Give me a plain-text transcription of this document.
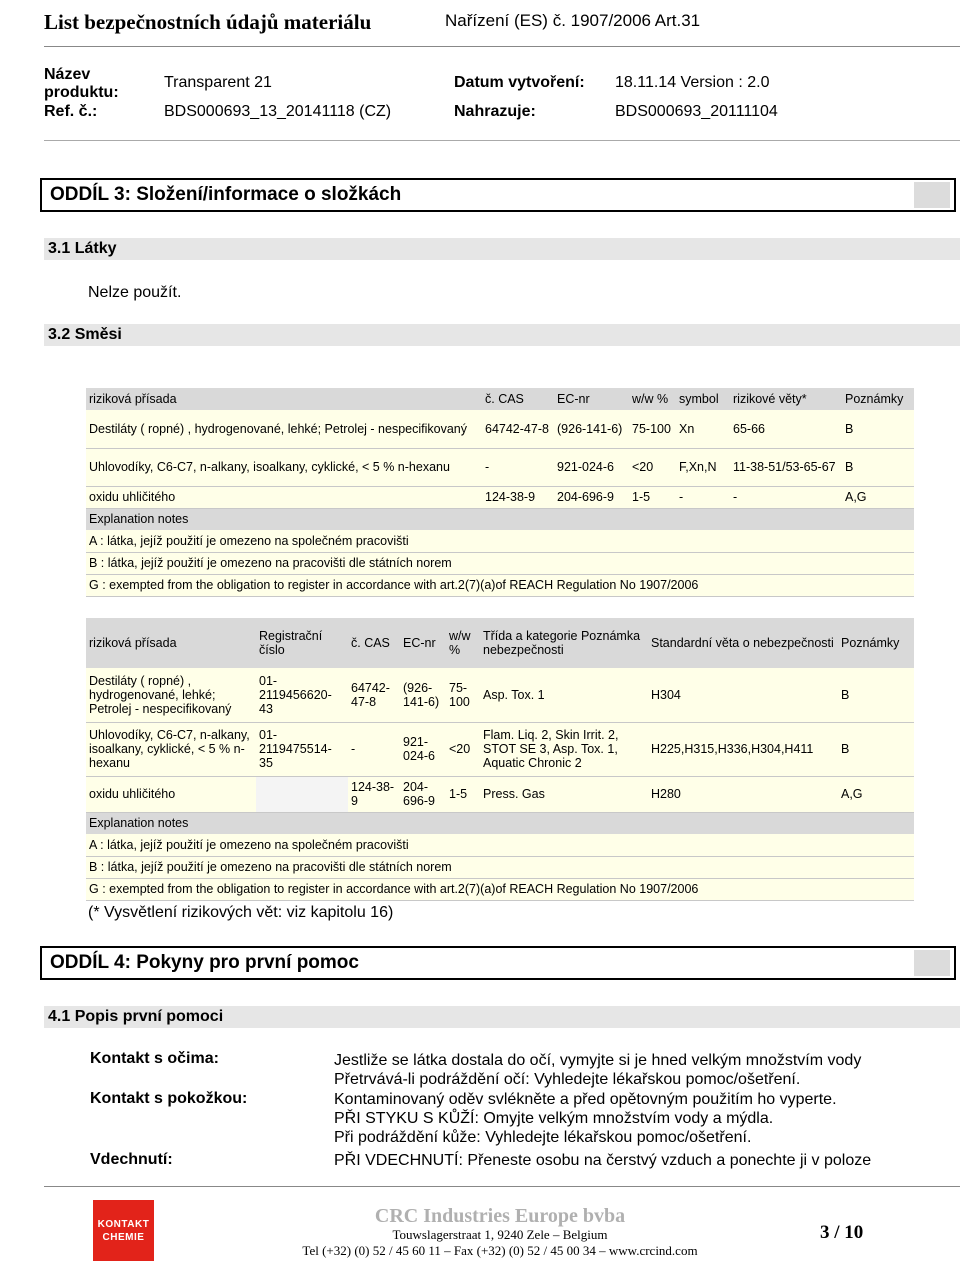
List bezpečnostních údajů materiálu	Nařízení (ES) č. 1907/2006 Art.31
Název produktu:
Transparent 21	Datum vytvoření: 18.11.14 Version : 2.0
Ref. č.:	BDS000693_13_20141118 (CZ)	Nahrazuje:	BDS000693_20111104
ODDÍL 3: Složení/informace o složkách
3.1 Látky
Nelze použít.
3.2 Směsi
riziková přísada	č. CAS	EC-nr	w/w %	symbol	rizikové věty*	Poznámky
Destiláty ( ropné) , hydrogenované, lehké; Petrolej - nespecifikovaný	64742-47-8	(926-141-6)	75-100	Xn	65-66	B
Uhlovodíky, C6-C7, n-alkany, isoalkany, cyklické, < 5 % n-hexanu	-	921-024-6	<20	F,Xn,N	11-38-51/53-65-67	B
oxidu uhličitého	124-38-9	204-696-9	1-5	-	-	A,G
Explanation notes						
A : látka, jejíž použití je omezeno na společném pracovišti						
B : látka, jejíž použití je omezeno na pracovišti dle státních norem						
G : exempted from the obligation to register in accordance with art.2(7)(a)of REACH Regulation No 1907/2006						
riziková přísada	Registrační číslo	č. CAS	EC-nr	w/w %	Třída a kategorie Poznámka nebezpečnosti	Standardní věta o nebezpečnosti	Poznámky
Destiláty ( ropné) , hydrogenované, lehké; Petrolej - nespecifikovaný	01-2119456620-43	64742-47-8	(926-141-6)	75-100	Asp. Tox. 1	H304	B
Uhlovodíky, C6-C7, n-alkany, isoalkany, cyklické, < 5 % n-hexanu	01-2119475514-35	-	921-024-6	<20	Flam. Liq. 2, Skin Irrit. 2, STOT SE 3, Asp. Tox. 1, Aquatic Chronic 2	H225,H315,H336,H304,H411	B
oxidu uhličitého		124-38-9	204-696-9	1-5	Press. Gas	H280	A,G
Explanation notes							
A : látka, jejíž použití je omezeno na společném pracovišti							
B : látka, jejíž použití je omezeno na pracovišti dle státních norem							
G : exempted from the obligation to register in accordance with art.2(7)(a)of REACH Regulation No 1907/2006							
(* Vysvětlení rizikových vět: viz kapitolu 16)
ODDÍL 4: Pokyny pro první pomoc
4.1 Popis první pomoci
Kontakt s očima:	Jestliže se látka dostala do očí, vymyjte si je hned velkým množstvím vody
Přetrvává-li podráždění očí: Vyhledejte lékařskou pomoc/ošetření.
Kontakt s pokožkou:	Kontaminovaný oděv svlékněte a před opětovným použitím ho vyperte.
PŘI STYKU S KŮŽÍ: Omyjte velkým množstvím vody a mýdla.
Při podráždění kůže: Vyhledejte lékařskou pomoc/ošetření.
Vdechnutí:	PŘI VDECHNUTÍ: Přeneste osobu na čerstvý vzduch a ponechte ji v poloze
KONTAKT
CHEMIE
CRC Industries Europe bvba
Touwslagerstraat 1, 9240 Zele – Belgium
Tel (+32) (0) 52 / 45 60 11 – Fax (+32) (0) 52 / 45 00 34 – www.crcind.com
3 / 10
